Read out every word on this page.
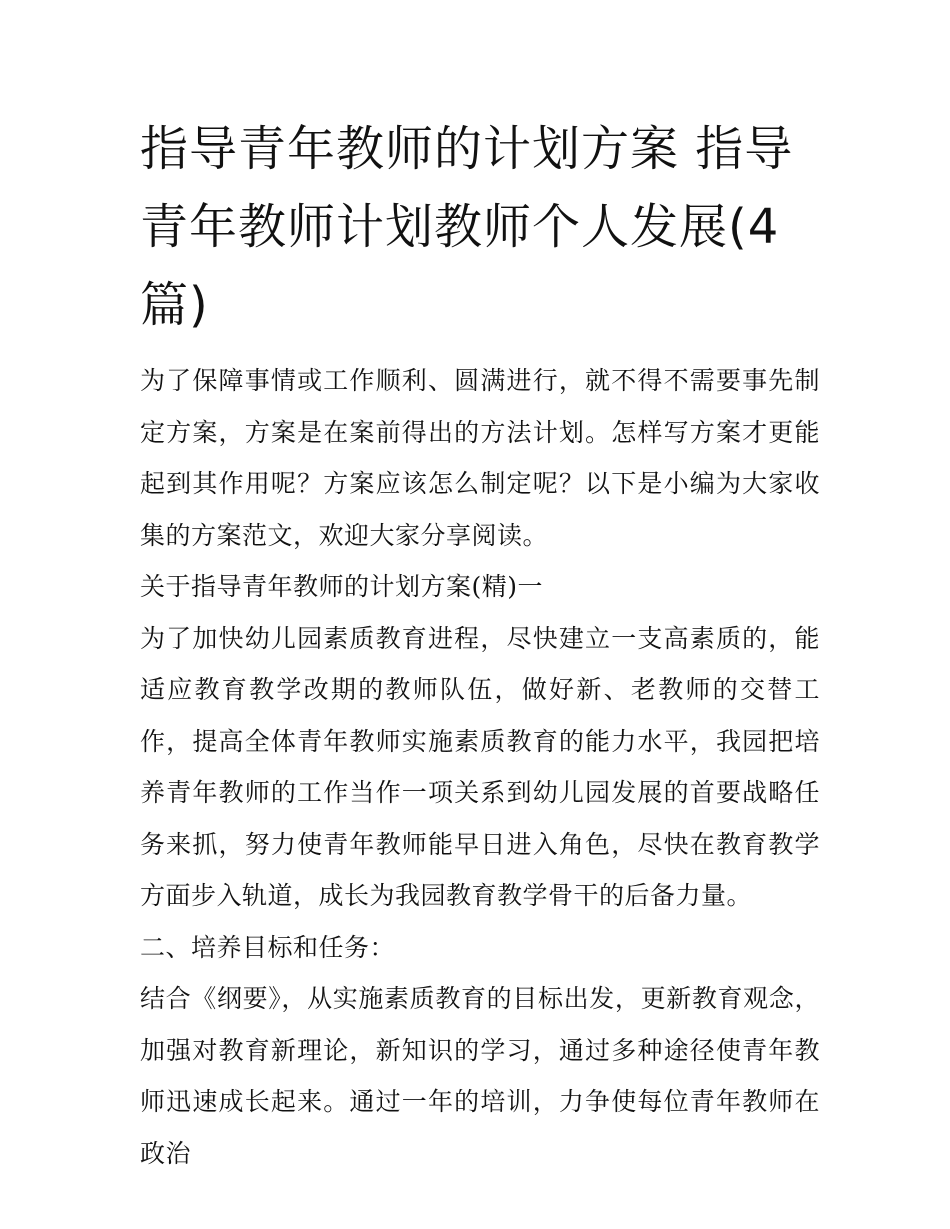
指导青年教师的计划方案 指导青年教师计划教师个人发展(4篇)

为了保障事情或工作顺利、圆满进行，就不得不需要事先制定方案，方案是在案前得出的方法计划。怎样写方案才更能起到其作用呢？方案应该怎么制定呢？以下是小编为大家收集的方案范文，欢迎大家分享阅读。

关于指导青年教师的计划方案(精)一

为了加快幼儿园素质教育进程，尽快建立一支高素质的，能适应教育教学改期的教师队伍，做好新、老教师的交替工作，提高全体青年教师实施素质教育的能力水平，我园把培养青年教师的工作当作一项关系到幼儿园发展的首要战略任务来抓，努力使青年教师能早日进入角色，尽快在教育教学方面步入轨道，成长为我园教育教学骨干的后备力量。

二、培养目标和任务：

结合《纲要》，从实施素质教育的目标出发，更新教育观念，加强对教育新理论，新知识的学习，通过多种途径使青年教师迅速成长起来。通过一年的培训，力争使每位青年教师在政治
